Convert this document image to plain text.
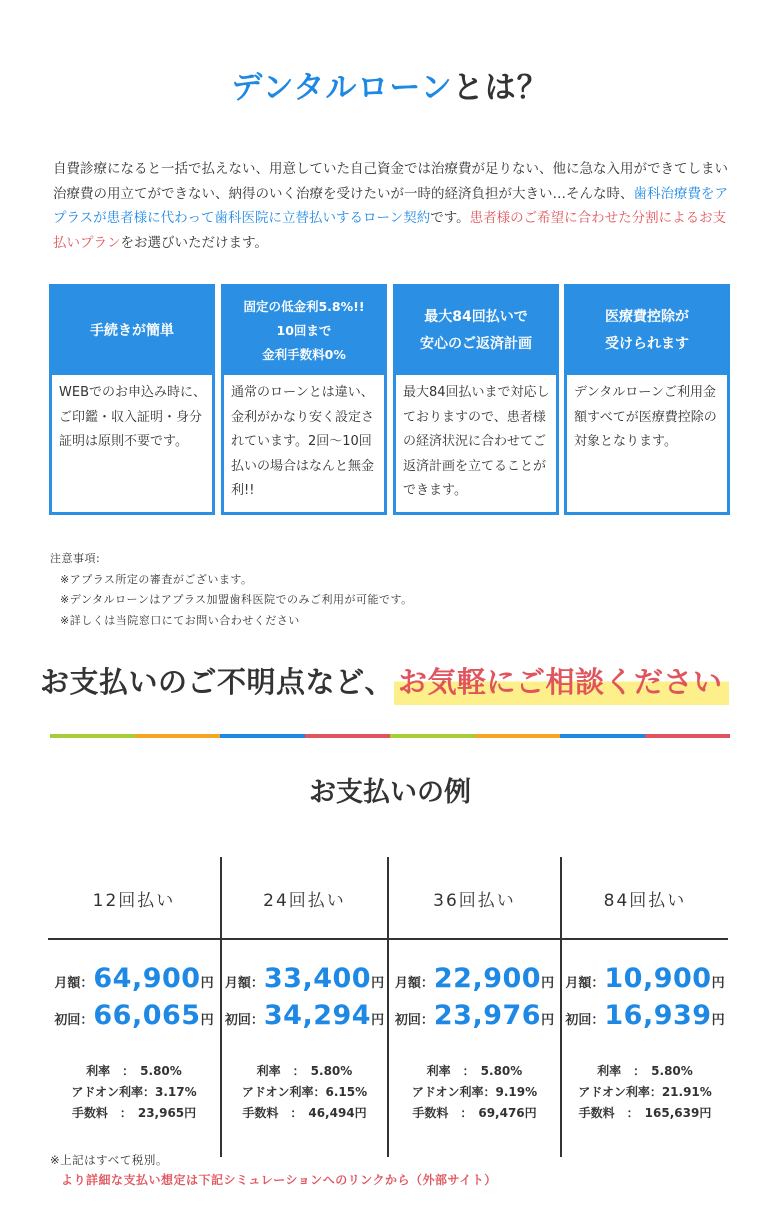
デンタルローンとは？

自費診療になると一括で払えない、用意していた自己資金では治療費が足りない、他に急な入用ができてしまい治療費の用立てができない、納得のいく治療を受けたいが一時的経済負担が大きい…そんな時、歯科治療費をアプラスが患者様に代わって歯科医院に立替払いするローン契約です。患者様のご希望に合わせた分割によるお支払いプランをお選びいただけます。

手続きが簡単
WEBでのお申込み時に、ご印鑑・収入証明・身分証明は原則不要です。
固定の低金利5.8%!!
10回まで
金利手数料0%
通常のローンとは違い、金利がかなり安く設定されています。2回〜10回払いの場合はなんと無金利!!
最大84回払いで
安心のご返済計画
最大84回払いまで対応しておりますので、患者様の経済状況に合わせてご返済計画を立てることができます。
医療費控除が
受けられます
デンタルローンご利用金額すべてが医療費控除の対象となります。
注意事項:
※アプラス所定の審査がございます。
※デンタルローンはアプラス加盟歯科医院でのみご利用が可能です。
※詳しくは当院窓口にてお問い合わせください
お支払いのご不明点など、 お気軽にご相談ください
お支払いの例
12回払い
月額： 64,900 円
初回： 66,065 円
利率　：　5.80%
アドオン利率：3.17%
手数料　：　23,965円
24回払い
月額： 33,400 円
初回： 34,294 円
利率　：　5.80%
アドオン利率：6.15%
手数料　：　46,494円
36回払い
月額： 22,900 円
初回： 23,976 円
利率　：　5.80%
アドオン利率：9.19%
手数料　：　69,476円
84回払い
月額： 10,900 円
初回： 16,939 円
利率　：　5.80%
アドオン利率：21.91%
手数料　：　165,639円
※上記はすべて税別。
より詳細な支払い想定は下記シミュレーションへのリンクから（外部サイト）
